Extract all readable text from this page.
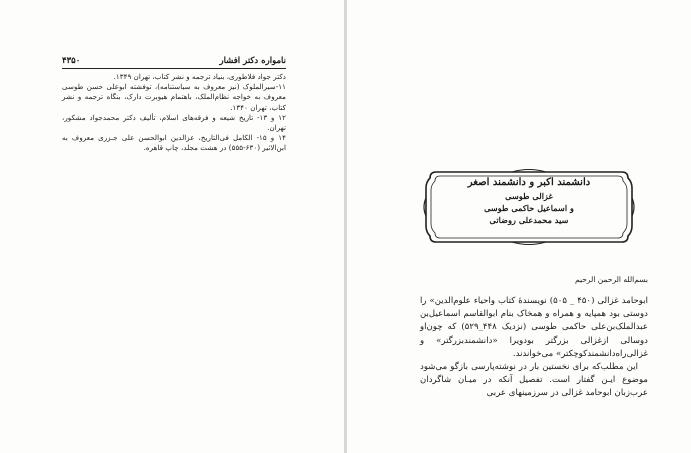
۴۳۵۰	نامواره دکتر افشار

دکتر جواد فلاطوری، بنیاد ترجمه و نشر کتاب، تهران ۱۳۴۹.

۱۱-سیرالملوک (نیز معروف به سیاستنامه)، توفشته ابوعلی حسن طوسی معروف به خواجه نظام‌الملک، باهتمام هیوبرت دارک، بنگاه ترجمه و نشر کتاب، تهران ۱۳۴۰.

۱۲ و ۱۳- تاریخ شیعه و فرقه‌های اسلام، تألیف دکتر محمدجواد مشکور، تهران.

۱۴ و ۱۵- الکامل فی‌التاریخ، عزالدین ابوالحسن علی جـزری معروف به ابن‌الاثیر (۶۳۰-۵۵۵) در هشت مجلد، چاپ قاهره.

دانشمند اکبر و دانشمند اصغر
غزالی طوسی
و اسماعیل حاکمی طوسی
سید محمدعلی روضاتی
بسم‌الله الرحمن الرحیم

ابوحامد غزالی (۴۵۰ _ ۵۰۵) نویسندهٔ کتاب واحیاء علوم‌الدین» را دوستی بود همپایه و همراه و همخاک بنام ابوالقاسم اسماعیل‌بن عبدالملک‌بن‌علی حاکمی طوسی (نزدیک ۴۴۸_۵۲۹) که چون‌او دوسالی ازغزالی بزرگتر بودویرا «دانشمندبزرگتر» و غزالی‌راه‌دانشمندکوچکتر» می‌خواندند.

این مطلب‌که برای نخستین بار در نوشته‌پارسی بازگو می‌شود موضوع ایـن گفتار است. تفصیل آنکه در میـان شاگردان عرب‌زبان ابوحامد غزالی در سرزمینهای عربی
